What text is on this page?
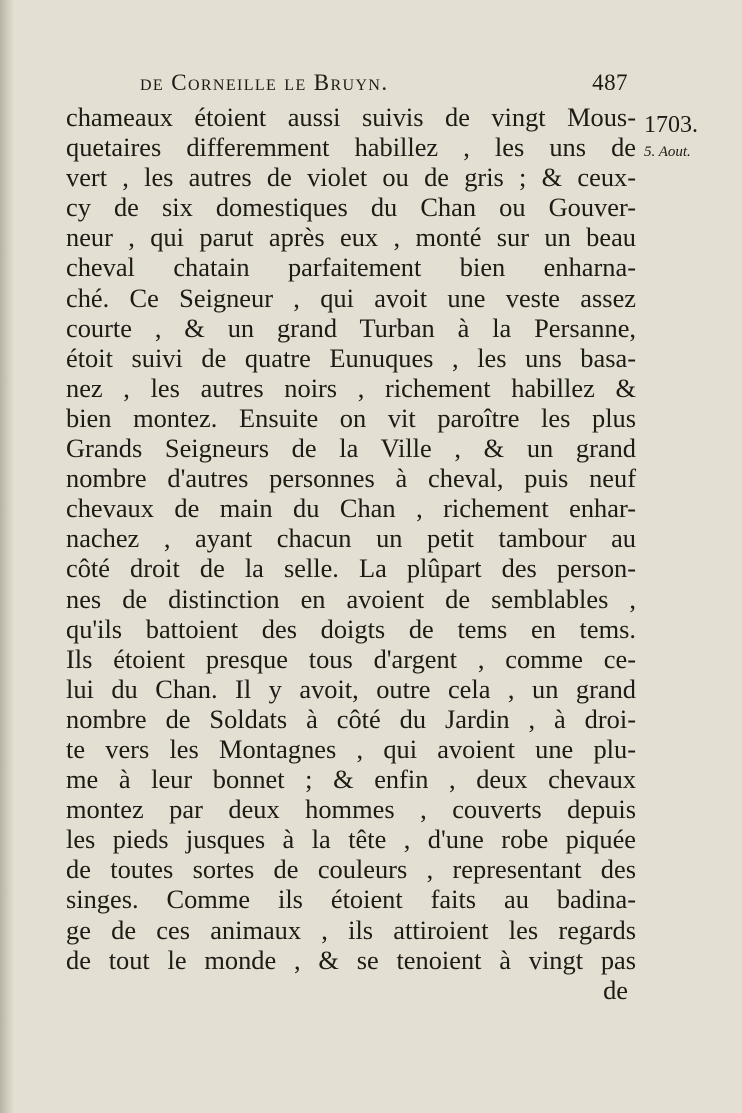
de Corneille le Bruyn.	487
1703.
5. Aout.
chameaux étoient aussi suivis de vingt Mous-
quetaires differemment habillez , les uns de
vert , les autres de violet ou de gris ; & ceux-
cy de six domestiques du Chan ou Gouver-
neur , qui parut après eux , monté sur un beau
cheval chatain parfaitement bien enharna-
ché. Ce Seigneur , qui avoit une veste assez
courte , & un grand Turban à la Persanne,
étoit suivi de quatre Eunuques , les uns basa-
nez , les autres noirs , richement habillez &
bien montez. Ensuite on vit paroître les plus
Grands Seigneurs de la Ville , & un grand
nombre d'autres personnes à cheval, puis neuf
chevaux de main du Chan , richement enhar-
nachez , ayant chacun un petit tambour au
côté droit de la selle. La plûpart des person-
nes de distinction en avoient de semblables ,
qu'ils battoient des doigts de tems en tems.
Ils étoient presque tous d'argent , comme ce-
lui du Chan. Il y avoit, outre cela , un grand
nombre de Soldats à côté du Jardin , à droi-
te vers les Montagnes , qui avoient une plu-
me à leur bonnet ; & enfin , deux chevaux
montez par deux hommes , couverts depuis
les pieds jusques à la tête , d'une robe piquée
de toutes sortes de couleurs , representant des
singes. Comme ils étoient faits au badina-
ge de ces animaux , ils attiroient les regards
de tout le monde , & se tenoient à vingt pas
de
